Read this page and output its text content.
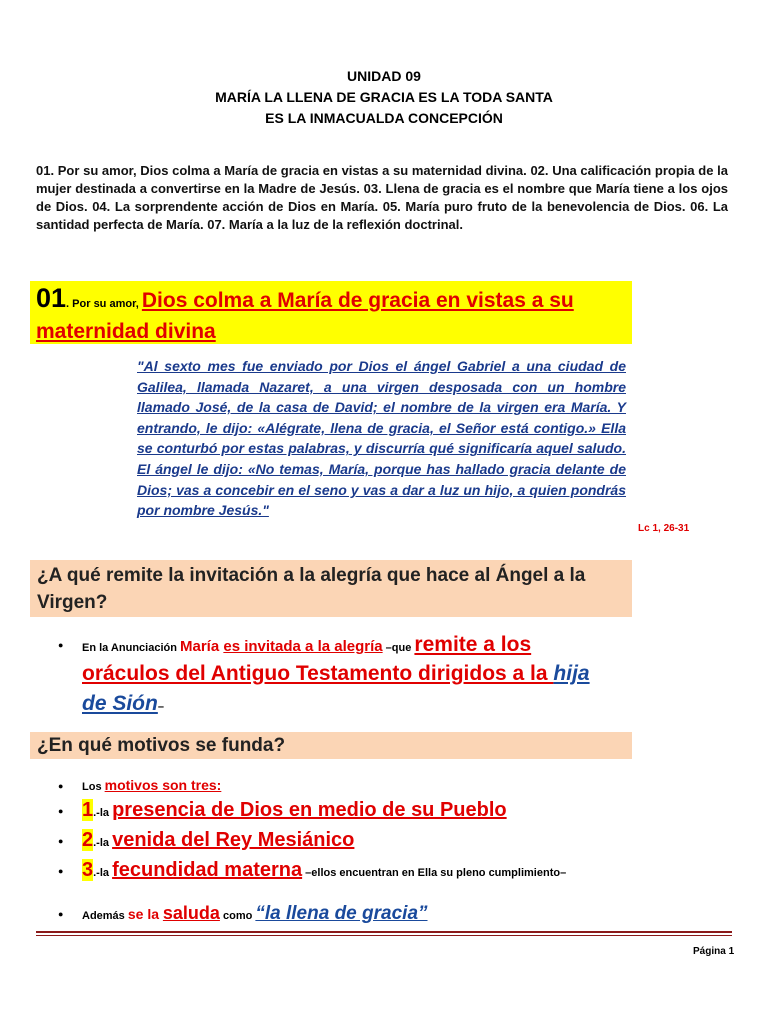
UNIDAD 09
MARÍA LA LLENA DE GRACIA ES LA TODA SANTA
ES LA INMACUALDA CONCEPCIÓN
01. Por su amor, Dios colma a María de gracia en vistas a su maternidad divina. 02. Una calificación propia de la mujer destinada a convertirse en la Madre de Jesús. 03. Llena de gracia es el nombre que María tiene a los ojos de Dios. 04. La sorprendente acción de Dios en María. 05. María puro fruto de la benevolencia de Dios. 06. La santidad perfecta de María. 07. María a la luz de la reflexión doctrinal.
01. Por su amor, Dios colma a María de gracia en vistas a su maternidad divina
"Al sexto mes fue enviado por Dios el ángel Gabriel a una ciudad de Galilea, llamada Nazaret, a una virgen desposada con un hombre llamado José, de la casa de David; el nombre de la virgen era María. Y entrando, le dijo: «Alégrate, llena de gracia, el Señor está contigo.» Ella se conturbó por estas palabras, y discurría qué significaría aquel saludo. El ángel le dijo: «No temas, María, porque has hallado gracia delante de Dios; vas a concebir en el seno y vas a dar a luz un hijo, a quien pondrás por nombre Jesús."
Lc 1, 26-31
¿A qué remite la invitación a la alegría que hace al Ángel a la
Virgen?
●	En la Anunciación María es invitada a la alegría –que remite a los
oráculos del Antiguo Testamento dirigidos a la hija
de Sión–
¿En qué motivos se funda?
●	Los motivos son tres:
● 1.-la presencia de Dios en medio de su Pueblo
● 2.-la venida del Rey Mesiánico
● 3.-la fecundidad materna –ellos encuentran en Ella su pleno cumplimiento–
●	Además se la saluda como “la llena de gracia”
Página 1
